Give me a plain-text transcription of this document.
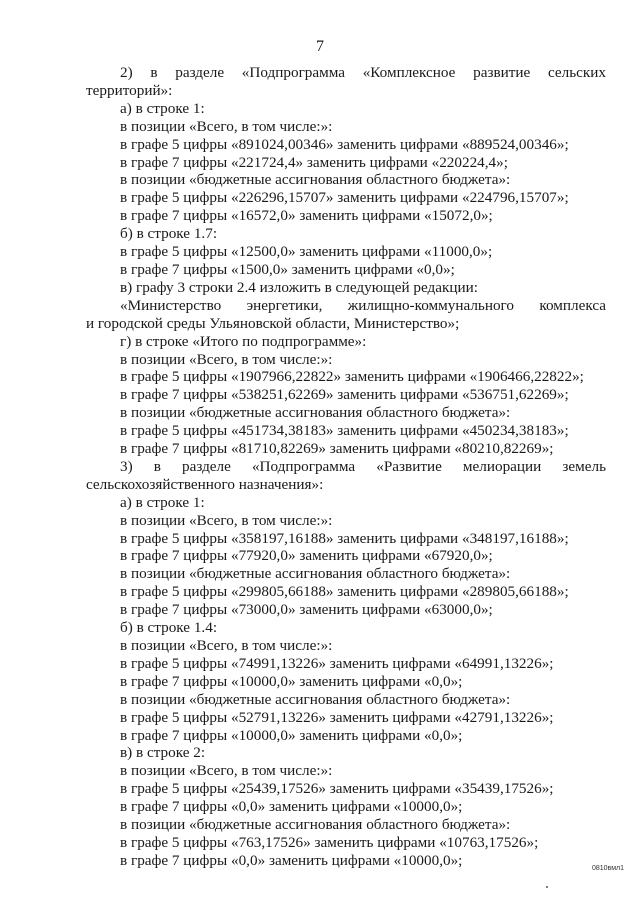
7
2) в разделе «Подпрограмма «Комплексное развитие сельских
территорий»:
а) в строке 1:
в позиции «Всего, в том числе:»:
в графе 5 цифры «891024,00346» заменить цифрами «889524,00346»;
в графе 7 цифры «221724,4» заменить цифрами «220224,4»;
в позиции «бюджетные ассигнования областного бюджета»:
в графе 5 цифры «226296,15707» заменить цифрами «224796,15707»;
в графе 7 цифры «16572,0» заменить цифрами «15072,0»;
б) в строке 1.7:
в графе 5 цифры «12500,0» заменить цифрами «11000,0»;
в графе 7 цифры «1500,0» заменить цифрами «0,0»;
в) графу 3 строки 2.4 изложить в следующей редакции:
«Министерство энергетики, жилищно-коммунального комплекса
и городской среды Ульяновской области, Министерство»;
г) в строке «Итого по подпрограмме»:
в позиции «Всего, в том числе:»:
в графе 5 цифры «1907966,22822» заменить цифрами «1906466,22822»;
в графе 7 цифры «538251,62269» заменить цифрами «536751,62269»;
в позиции «бюджетные ассигнования областного бюджета»:
в графе 5 цифры «451734,38183» заменить цифрами «450234,38183»;
в графе 7 цифры «81710,82269» заменить цифрами «80210,82269»;
3) в разделе «Подпрограмма «Развитие мелиорации земель
сельскохозяйственного назначения»:
а) в строке 1:
в позиции «Всего, в том числе:»:
в графе 5 цифры «358197,16188» заменить цифрами «348197,16188»;
в графе 7 цифры «77920,0» заменить цифрами «67920,0»;
в позиции «бюджетные ассигнования областного бюджета»:
в графе 5 цифры «299805,66188» заменить цифрами «289805,66188»;
в графе 7 цифры «73000,0» заменить цифрами «63000,0»;
б) в строке 1.4:
в позиции «Всего, в том числе:»:
в графе 5 цифры «74991,13226» заменить цифрами «64991,13226»;
в графе 7 цифры «10000,0» заменить цифрами «0,0»;
в позиции «бюджетные ассигнования областного бюджета»:
в графе 5 цифры «52791,13226» заменить цифрами «42791,13226»;
в графе 7 цифры «10000,0» заменить цифрами «0,0»;
в) в строке 2:
в позиции «Всего, в том числе:»:
в графе 5 цифры «25439,17526» заменить цифрами «35439,17526»;
в графе 7 цифры «0,0» заменить цифрами «10000,0»;
в позиции «бюджетные ассигнования областного бюджета»:
в графе 5 цифры «763,17526» заменить цифрами «10763,17526»;
в графе 7 цифры «0,0» заменить цифрами «10000,0»;	0810вмл1
